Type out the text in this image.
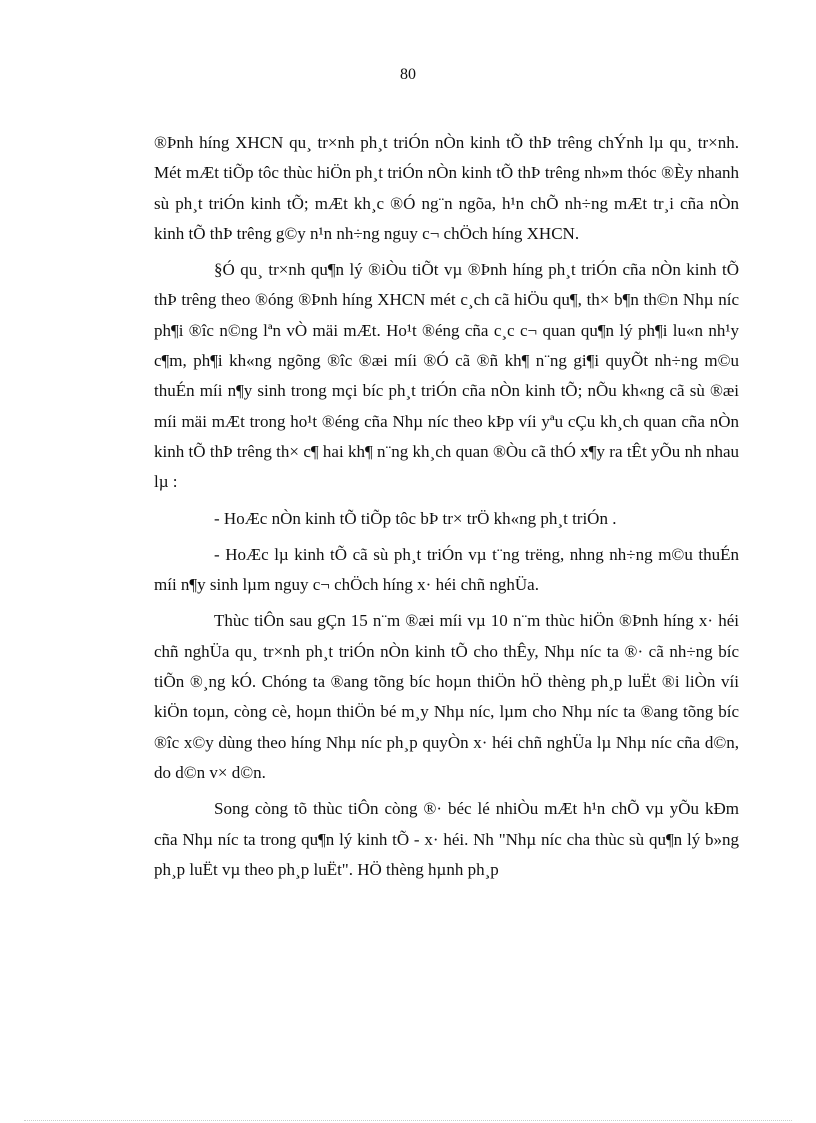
80

®Þnh híng XHCN qu¸ tr×nh ph¸t triÓn nÒn kinh tÕ thÞ trêng chÝnh lµ qu¸ tr×nh. Mét mÆt tiÕp tôc thùc hiÖn ph¸t triÓn nÒn kinh tÕ thÞ trêng nh»m thóc ®Èy nhanh sù ph¸t triÓn kinh tÕ; mÆt kh¸c ®Ó ng¨n ngõa, h¹n chÕ nh÷ng mÆt tr¸i cña nÒn kinh tÕ thÞ trêng g©y n¹n nh÷ng nguy c¬ chÖch híng XHCN.

§Ó qu¸ tr×nh qu¶n lý ®iÒu tiÕt vµ ®Þnh híng ph¸t triÓn cña nÒn kinh tÕ thÞ trêng theo ®óng ®Þnh híng XHCN mét c¸ch cã hiÖu qu¶, th× b¶n th©n Nhµ níc ph¶i ®îc n©ng lªn vÒ mäi mÆt. Ho¹t ®éng cña c¸c c¬ quan qu¶n lý ph¶i lu«n nh¹y c¶m, ph¶i kh«ng ngõng ®îc ®æi míi ®Ó cã ®ñ kh¶ n¨ng gi¶i quyÕt nh÷ng m©u thuÉn míi n¶y sinh trong mçi bíc ph¸t triÓn cña nÒn kinh tÕ; nÕu kh«ng cã sù ®æi míi mäi mÆt trong ho¹t ®éng cña Nhµ níc theo kÞp víi yªu cÇu kh¸ch quan cña nÒn kinh tÕ thÞ trêng th× c¶ hai kh¶ n¨ng kh¸ch quan ®Òu cã thÓ x¶y ra tÊt yÕu nh nhau lµ :

- HoÆc nÒn kinh tÕ tiÕp tôc bÞ tr× trÖ kh«ng ph¸t triÓn .

- HoÆc lµ kinh tÕ cã sù ph¸t triÓn vµ t¨ng trëng, nhng nh÷ng m©u thuÉn míi n¶y sinh lµm nguy c¬ chÖch híng x· héi chñ nghÜa.

Thùc tiÔn sau gÇn 15 n¨m ®æi míi vµ 10 n¨m thùc hiÖn ®Þnh híng x· héi chñ nghÜa qu¸ tr×nh ph¸t triÓn nÒn kinh tÕ cho thÊy, Nhµ níc ta ®· cã nh÷ng bíc tiÕn ®¸ng kÓ. Chóng ta ®ang tõng bíc hoµn thiÖn hÖ thèng ph¸p luËt ®i liÒn víi kiÖn toµn, còng cè, hoµn thiÖn bé m¸y Nhµ níc, lµm cho Nhµ níc ta ®ang tõng bíc ®îc x©y dùng theo híng Nhµ níc ph¸p quyÒn x· héi chñ nghÜa lµ Nhµ níc cña d©n, do d©n v× d©n.

Song còng tõ thùc tiÔn còng ®· béc lé nhiÒu mÆt h¹n chÕ vµ yÕu kÐm cña Nhµ níc ta trong qu¶n lý kinh tÕ - x· héi. Nh "Nhµ níc cha thùc sù qu¶n lý b»ng ph¸p luËt vµ theo ph¸p luËt". HÖ thèng hµnh ph¸p
